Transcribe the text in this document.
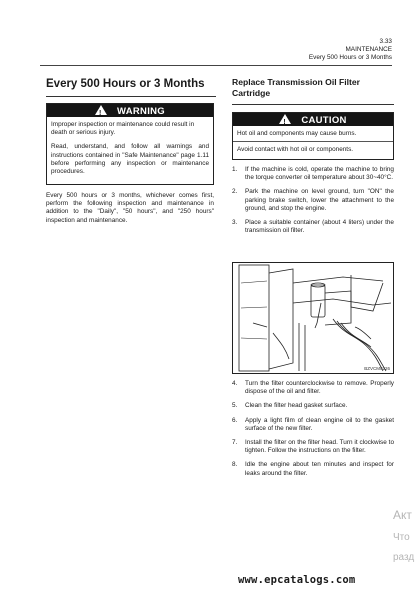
3.33
MAINTENANCE
Every 500 Hours or 3 Months
Every 500 Hours or 3 Months
! WARNING

Improper inspection or maintenance could result in death or serious injury.

Read, understand, and follow all warnings and instructions contained in "Safe Maintenance" page 1.11 before performing any inspection or maintenance procedures.

Every 500 hours or 3 months, whichever comes first, perform the following inspection and maintenance in addition to the "Daily", "50 hours", and "250 hours" inspection and maintenance.
Replace Transmission Oil Filter Cartridge
! CAUTION

Hot oil and components may cause burns.

Avoid contact with hot oil or components.

1.	If the machine is cold, operate the machine to bring the torque converter oil temperature about 30~40°C.
2.	Park the machine on level ground, turn "ON" the parking brake switch, lower the attachment to the ground, and stop the engine.
3.	Place a suitable container (about 4 liters) under the transmission oil filter.
BZVCM0226
4.	Turn the filter counterclockwise to remove. Properly dispose of the oil and filter.
5.	Clean the filter head gasket surface.
6.	Apply a light film of clean engine oil to the gasket surface of the new filter.
7.	Install the filter on the filter head. Turn it clockwise to tighten. Follow the instructions on the filter.
8.	Idle the engine about ten minutes and inspect for leaks around the filter.
www.epcatalogs.com
Акт
Что
разд
